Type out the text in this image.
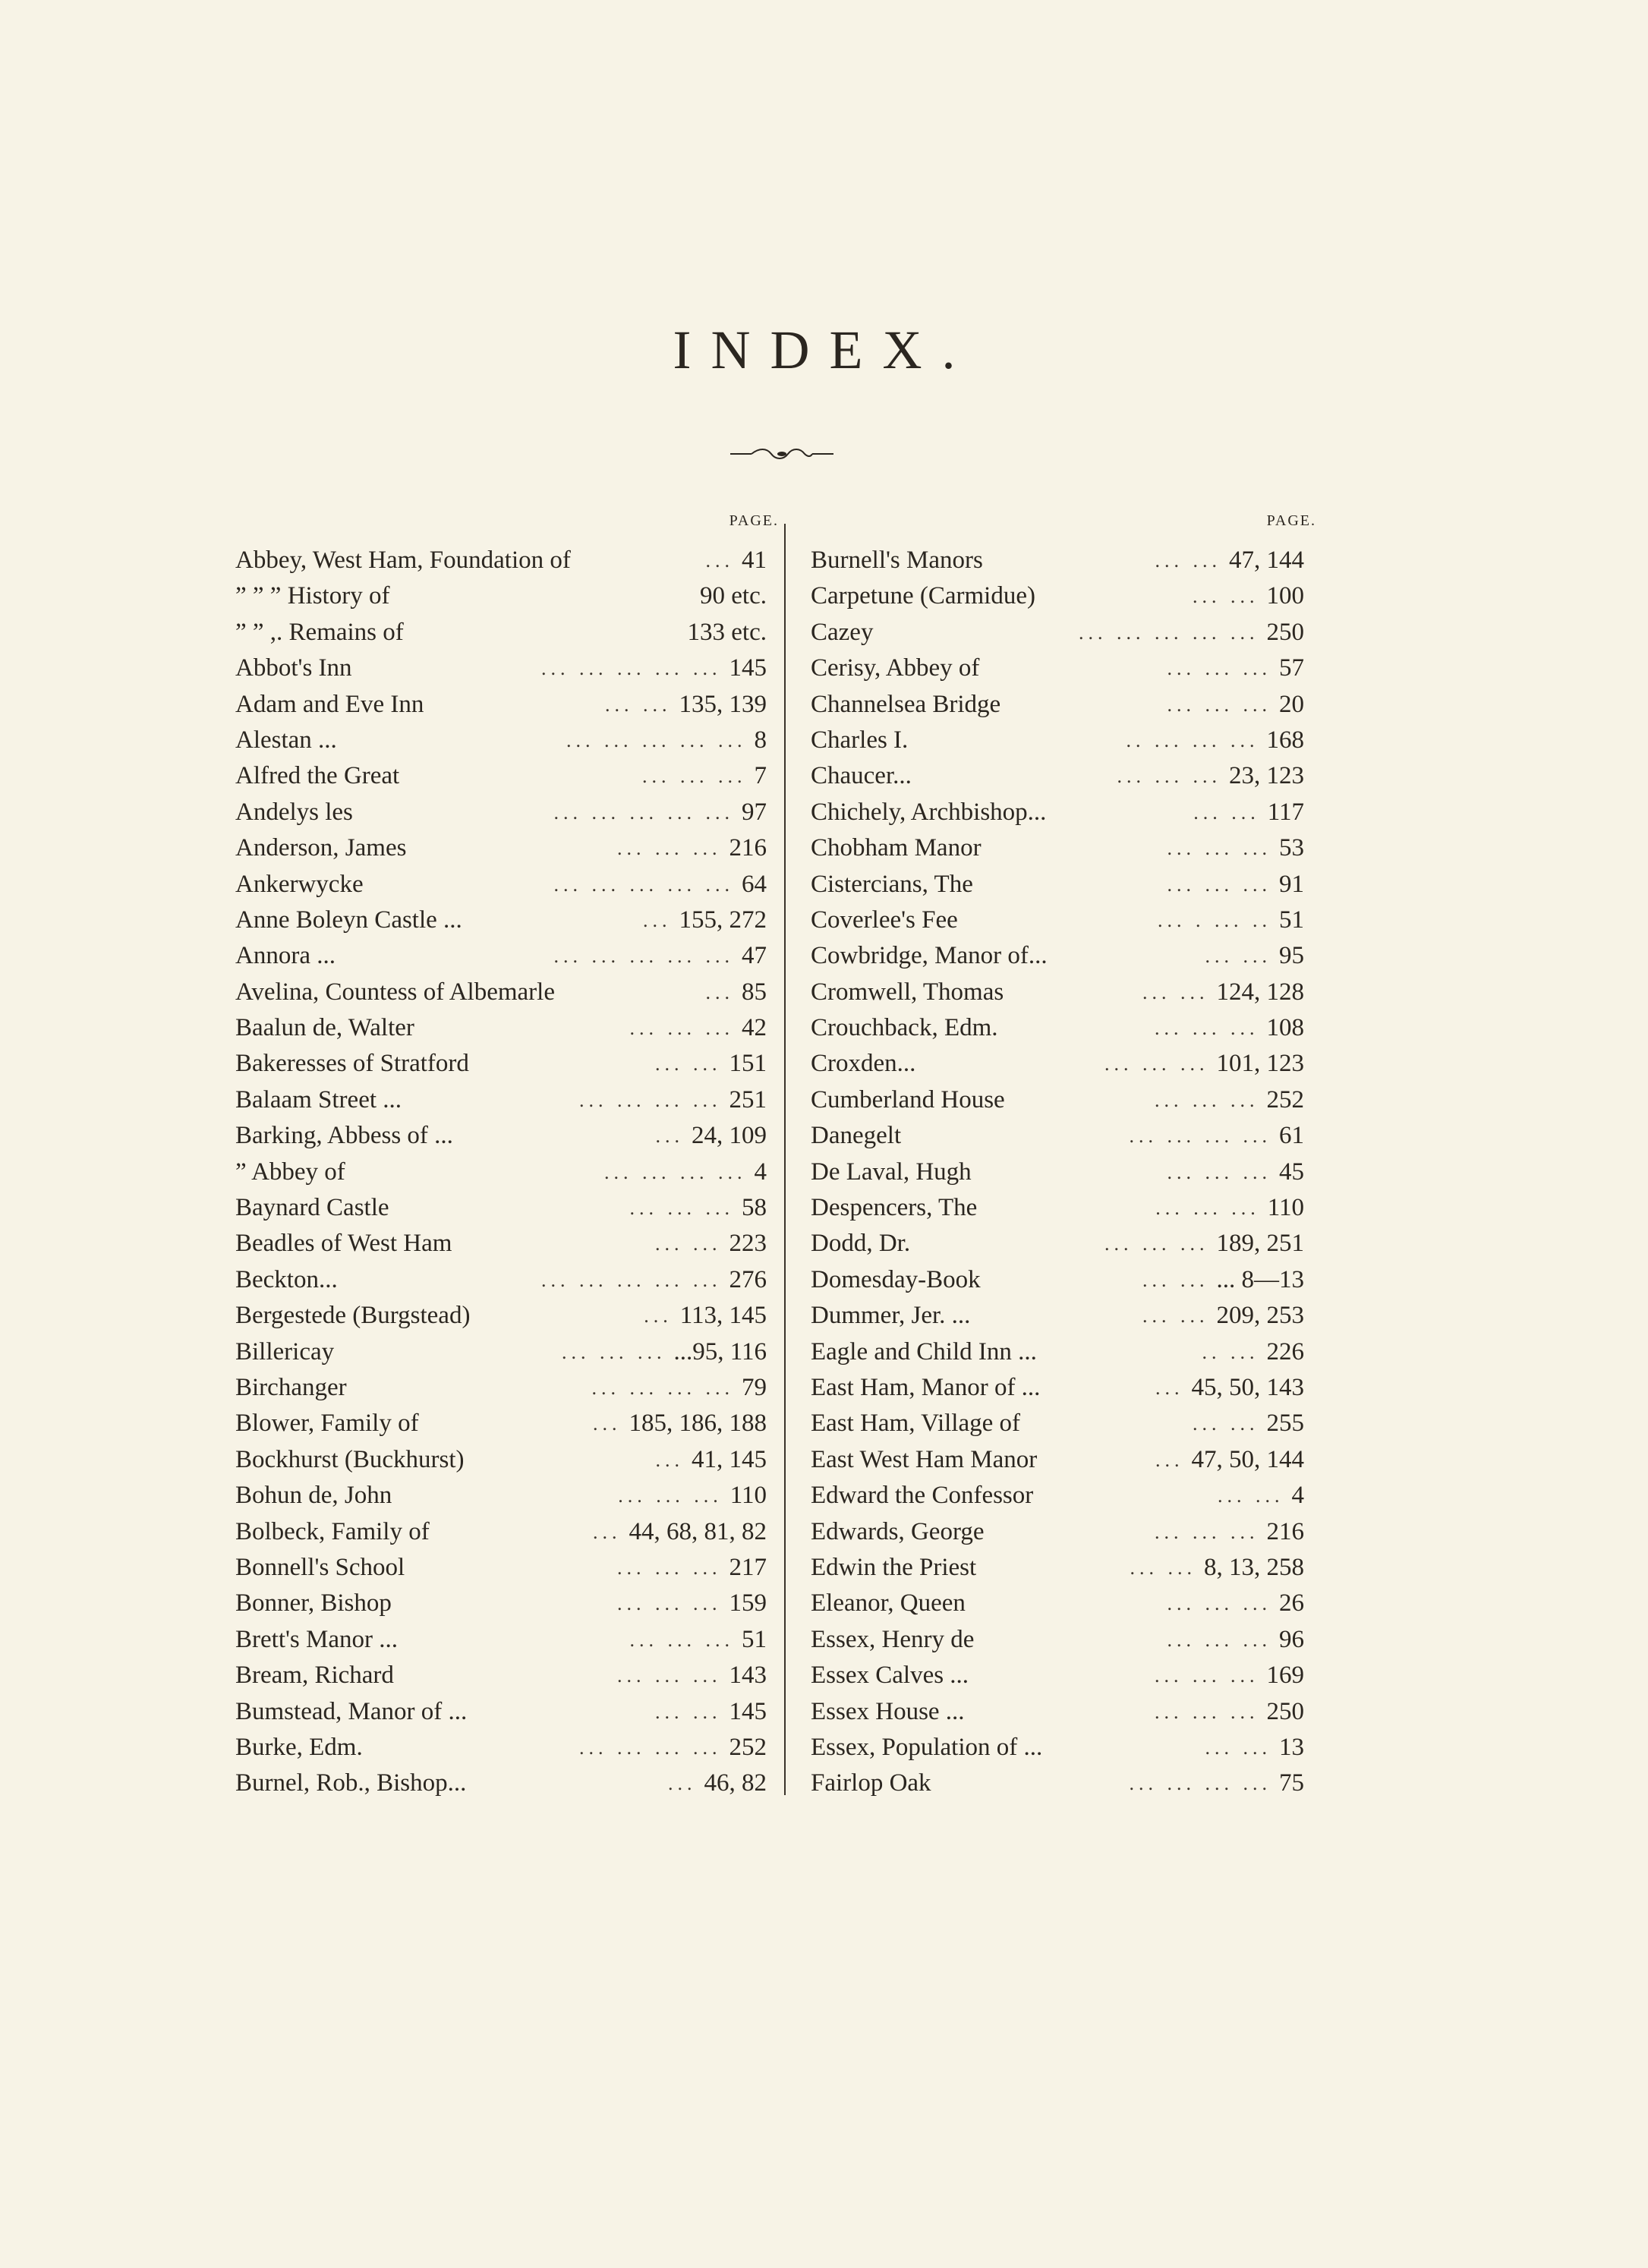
INDEX.
PAGE.
Abbey, West Ham, Foundation of	... 41
” ” ” History of	90 etc.
” ” ,. Remains of	133 etc.
Abbot's Inn	... ... ... ... ... 145
Adam and Eve Inn	... ... 135, 139
Alestan ...	... ... ... ... ... 8
Alfred the Great	... ... ... 7
Andelys les	... ... ... ... ... 97
Anderson, James	... ... ... 216
Ankerwycke	... ... ... ... ... 64
Anne Boleyn Castle ...	... 155, 272
Annora ...	... ... ... ... ... 47
Avelina, Countess of Albemarle	... 85
Baalun de, Walter	... ... ... 42
Bakeresses of Stratford	... ... 151
Balaam Street ...	... ... ... ... 251
Barking, Abbess of ...	... 24, 109
” Abbey of	... ... ... ... 4
Baynard Castle	... ... ... 58
Beadles of West Ham	... ... 223
Beckton...	... ... ... ... ... 276
Bergestede (Burgstead)	... 113, 145
Billericay	... ... ... ...95, 116
Birchanger	... ... ... ... 79
Blower, Family of	... 185, 186, 188
Bockhurst (Buckhurst)	... 41, 145
Bohun de, John	... ... ... 110
Bolbeck, Family of	... 44, 68, 81, 82
Bonnell's School	... ... ... 217
Bonner, Bishop	... ... ... 159
Brett's Manor ...	... ... ... 51
Bream, Richard	... ... ... 143
Bumstead, Manor of ...	... ... 145
Burke, Edm.	... ... ... ... 252
Burnel, Rob., Bishop...	... 46, 82
PAGE.
Burnell's Manors	... ... 47, 144
Carpetune (Carmidue)	... ... 100
Cazey	... ... ... ... ... 250
Cerisy, Abbey of	... ... ... 57
Channelsea Bridge	... ... ... 20
Charles I.	.. ... ... ... 168
Chaucer...	... ... ... 23, 123
Chichely, Archbishop...	... ... 117
Chobham Manor	... ... ... 53
Cistercians, The	... ... ... 91
Coverlee's Fee	... . ... .. 51
Cowbridge, Manor of...	... ... 95
Cromwell, Thomas	... ... 124, 128
Crouchback, Edm.	... ... ... 108
Croxden...	... ... ... 101, 123
Cumberland House	... ... ... 252
Danegelt	... ... ... ... 61
De Laval, Hugh	... ... ... 45
Despencers, The	... ... ... 110
Dodd, Dr.	... ... ... 189, 251
Domesday-Book	... ... ... 8—13
Dummer, Jer. ...	... ... 209, 253
Eagle and Child Inn ...	.. ... 226
East Ham, Manor of ...	... 45, 50, 143
East Ham, Village of	... ... 255
East West Ham Manor	... 47, 50, 144
Edward the Confessor	... ... 4
Edwards, George	... ... ... 216
Edwin the Priest	... ... 8, 13, 258
Eleanor, Queen	... ... ... 26
Essex, Henry de	... ... ... 96
Essex Calves ...	... ... ... 169
Essex House ...	... ... ... 250
Essex, Population of ...	... ... 13
Fairlop Oak	... ... ... ... 75
